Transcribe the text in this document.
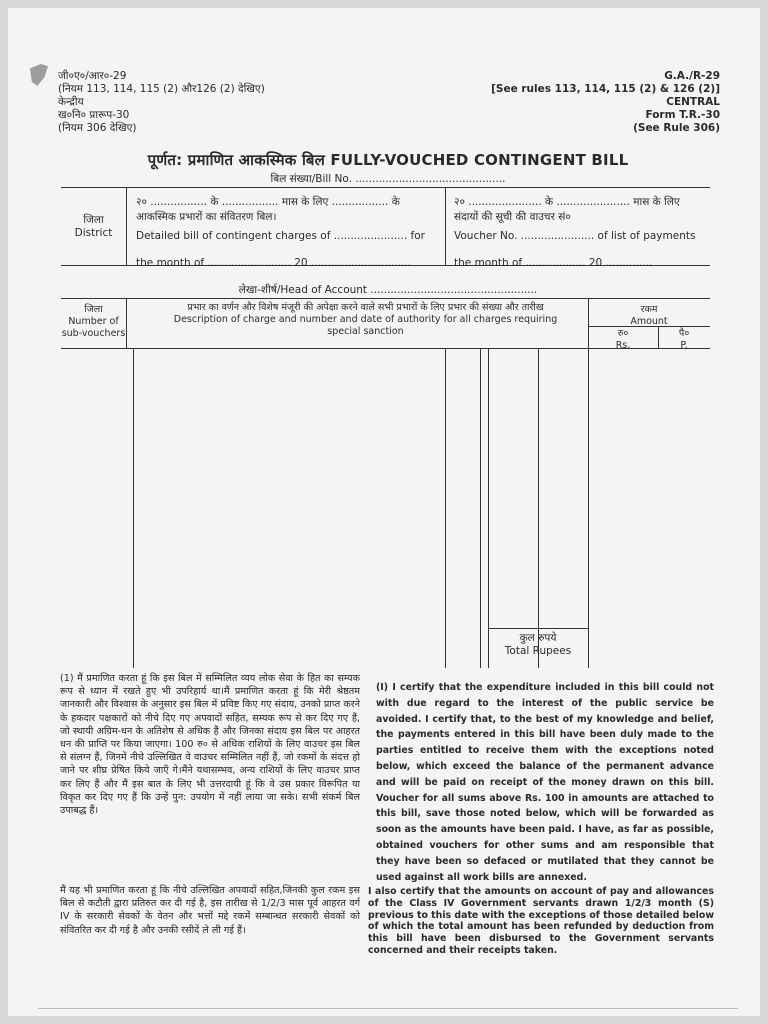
जी०ए०/आर०-29
(नियम 113, 114, 115 (2) और126 (2) देखिए)
केन्द्रीय
ख०नि० प्रारूप-30
(नियम 306 देखिए)
G.A./R-29
[See rules 113, 114, 115 (2) & 126 (2)]
CENTRAL
Form T.R.-30
(See Rule 306)
पूर्णत: प्रमाणित आकस्मिक बिल FULLY-VOUCHED CONTINGENT BILL
बिल संख्या/Bill No. .............................................
जिला
District
२० ................. के ................. मास के लिए ................. के
आकस्मिक प्रभारों का संवितरण बिल।
Detailed bill of contingent charges of ...................... for
the month of ......................... 20 ..............................
२० ...................... के ...................... मास के लिए
संदायों की सूची की वाउचर सं०
Voucher No. ...................... of list of payments
the month of .................. 20 ..............
लेखा-शीर्ष/Head of Account ..................................................
जिला
Number of sub-vouchers
प्रभार का वर्णन और विशेष मंजूरी की अपेक्षा करने वाले सभी प्रभारों के लिए प्रभार की संख्या और तारीख
Description of charge and number and date of authority for all charges requiring special sanction
रकम
Amount
रु०
Rs.
पै०
P.
कुल रुपये
Total Rupees
(1) मैं प्रमाणित करता हूं कि इस बिल में सम्मिलित व्यय लोक सेवा के हित का सम्यक रूप से ध्यान में रखते हुए भी उपरिहार्य था।मैं प्रमाणित करता हूं कि मेरी श्रेष्ठतम जानकारी और विश्वास के अनुसार इस बिल में प्रविष्ट किए गए संदाय, उनको प्राप्त करने के हकदार पक्षकारों को नीचे दिए गए अपवादों सहित, सम्यक रूप से कर दिए गए हैं, जो स्थायी अग्रिम-धन के अतिशेष से अधिक हैं और जिनका संदाय इस बिल पर आहरत धन की प्राप्ति पर किया जाएगा। 100 रु० से अधिक राशियों के लिए वाउचर इस बिल से संलग्न हैं, जिनमें नीचे उल्लिखित वे वाउचर सम्मिलित नहीं हैं, जो रकमों के संदत्त हो जाने पर शीघ्र प्रेषित किये जाएँ गे।मैंने यथासम्भव, अन्य राशियों के लिए वाउचर प्राप्त कर लिए हैं और मैं इस बात के लिए भी उत्तरदायी हूं कि वे उस प्रकार विरूपित या विकृत कर दिए गए हैं कि उन्हें पुन: उपयोग में नहीं लाया जा सके। सभी संकर्म बिल उपाबद्ध हैं।
(I) I certify that the expenditure included in this bill could not with due regard to the interest of the public service be avoided. I certify that, to the best of my knowledge and belief, the payments entered in this bill have been duly made to the parties entitled to receive them with the exceptions noted below, which exceed the balance of the permanent advance and will be paid on receipt of the money drawn on this bill. Voucher for all sums above Rs. 100 in amounts are attached to this bill, save those noted below, which will be forwarded as soon as the amounts have been paid. I have, as far as possible, obtained vouchers for other sums and am responsible that they have been so defaced or mutilated that they cannot be used against all work bills are annexed.
मैं यह भी प्रमाणित करता हूं कि नीचे उल्लिखित अपवादों सहित,जिनकी कुल रकम इस बिल से कटौती द्वारा प्रतिरुत कर दी गई है, इस तारीख से 1/2/3 मास पूर्व आहरत वर्ग IV के सरकारी सेवकों के वेतन और भत्तों मद्दे रकमें सम्बान्धत सरकारी सेवकों को संवितरित कर दी गई है और उनकी रसीदें ले ली गई हैं।
I also certify that the amounts on account of pay and allowances of the Class IV Government servants drawn 1/2/3 month (S) previous to this date with the exceptions of those detailed below of which the total amount has been refunded by deduction from this bill have been disbursed to the Government servants concerned and their receipts taken.
